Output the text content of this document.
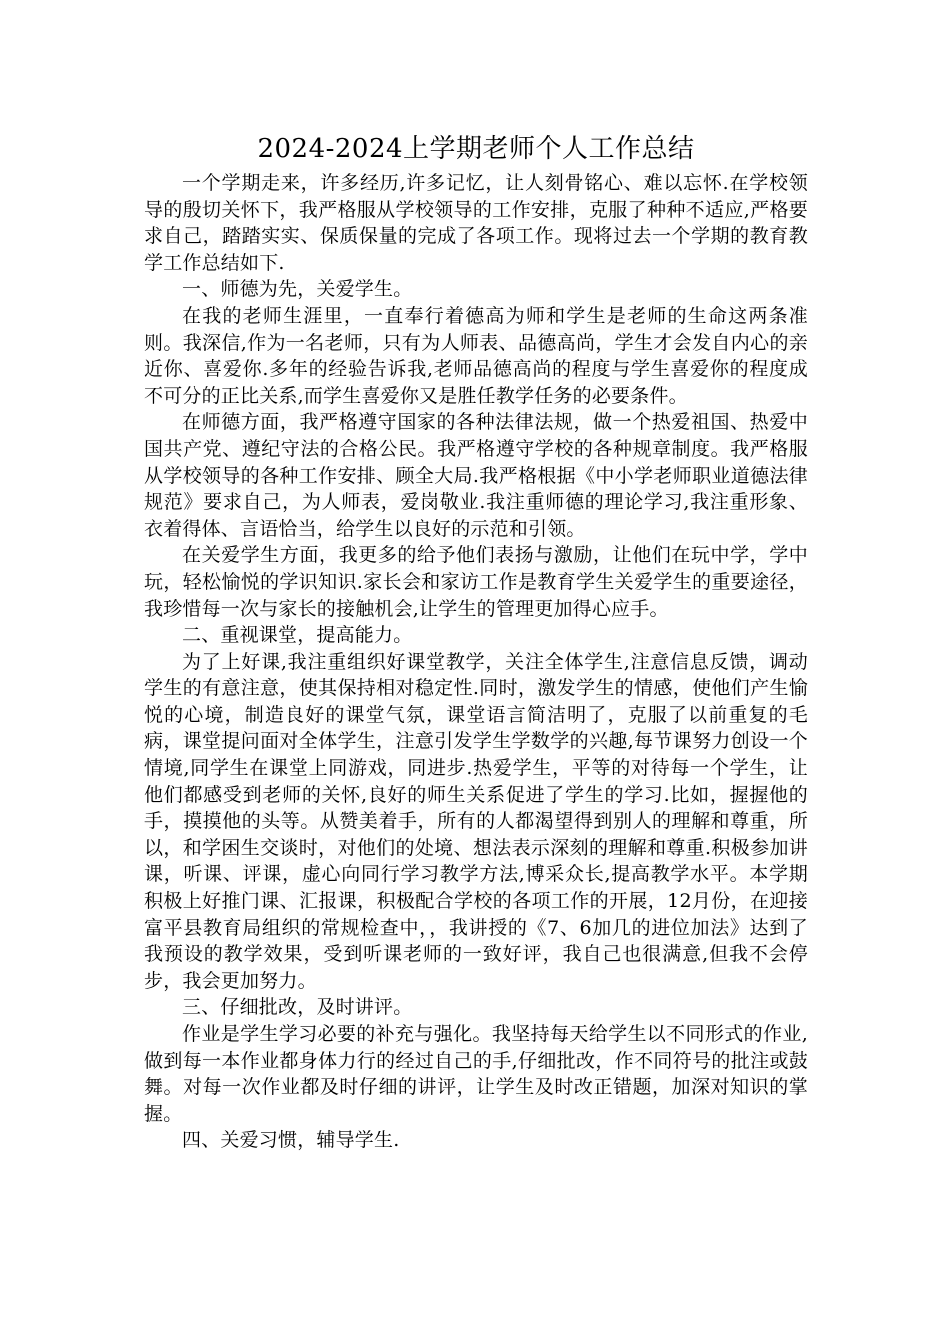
2024-2024上学期老师个人工作总结

一个学期走来，许多经历,许多记忆，让人刻骨铭心、难以忘怀.在学校领导的殷切关怀下，我严格服从学校领导的工作安排，克服了种种不适应,严格要求自己，踏踏实实、保质保量的完成了各项工作。现将过去一个学期的教育教学工作总结如下.

一、师德为先，关爱学生。

在我的老师生涯里，一直奉行着德高为师和学生是老师的生命这两条准则。我深信,作为一名老师，只有为人师表、品德高尚，学生才会发自内心的亲近你、喜爱你.多年的经验告诉我,老师品德高尚的程度与学生喜爱你的程度成不可分的正比关系,而学生喜爱你又是胜任教学任务的必要条件。

在师德方面，我严格遵守国家的各种法律法规，做一个热爱祖国、热爱中国共产党、遵纪守法的合格公民。我严格遵守学校的各种规章制度。我严格服从学校领导的各种工作安排、顾全大局.我严格根据《中小学老师职业道德法律规范》要求自己，为人师表，爱岗敬业.我注重师德的理论学习,我注重形象、衣着得体、言语恰当，给学生以良好的示范和引领。

在关爱学生方面，我更多的给予他们表扬与激励，让他们在玩中学，学中玩，轻松愉悦的学识知识.家长会和家访工作是教育学生关爱学生的重要途径，我珍惜每一次与家长的接触机会,让学生的管理更加得心应手。

二、重视课堂，提高能力。

为了上好课,我注重组织好课堂教学，关注全体学生,注意信息反馈，调动学生的有意注意，使其保持相对稳定性.同时，激发学生的情感，使他们产生愉悦的心境，制造良好的课堂气氛，课堂语言简洁明了，克服了以前重复的毛病，课堂提问面对全体学生，注意引发学生学数学的兴趣,每节课努力创设一个情境,同学生在课堂上同游戏，同进步.热爱学生，平等的对待每一个学生，让他们都感受到老师的关怀,良好的师生关系促进了学生的学习.比如，握握他的手，摸摸他的头等。从赞美着手，所有的人都渴望得到别人的理解和尊重，所以，和学困生交谈时，对他们的处境、想法表示深刻的理解和尊重.积极参加讲课，听课、评课，虚心向同行学习教学方法,博采众长,提高教学水平。本学期积极上好推门课、汇报课，积极配合学校的各项工作的开展，12月份，在迎接富平县教育局组织的常规检查中，，我讲授的《7、6加几的进位加法》达到了我预设的教学效果，受到听课老师的一致好评，我自己也很满意,但我不会停步，我会更加努力。

三、仔细批改，及时讲评。

作业是学生学习必要的补充与强化。我坚持每天给学生以不同形式的作业,做到每一本作业都身体力行的经过自己的手,仔细批改，作不同符号的批注或鼓舞。对每一次作业都及时仔细的讲评，让学生及时改正错题，加深对知识的掌握。

四、关爱习惯，辅导学生.
